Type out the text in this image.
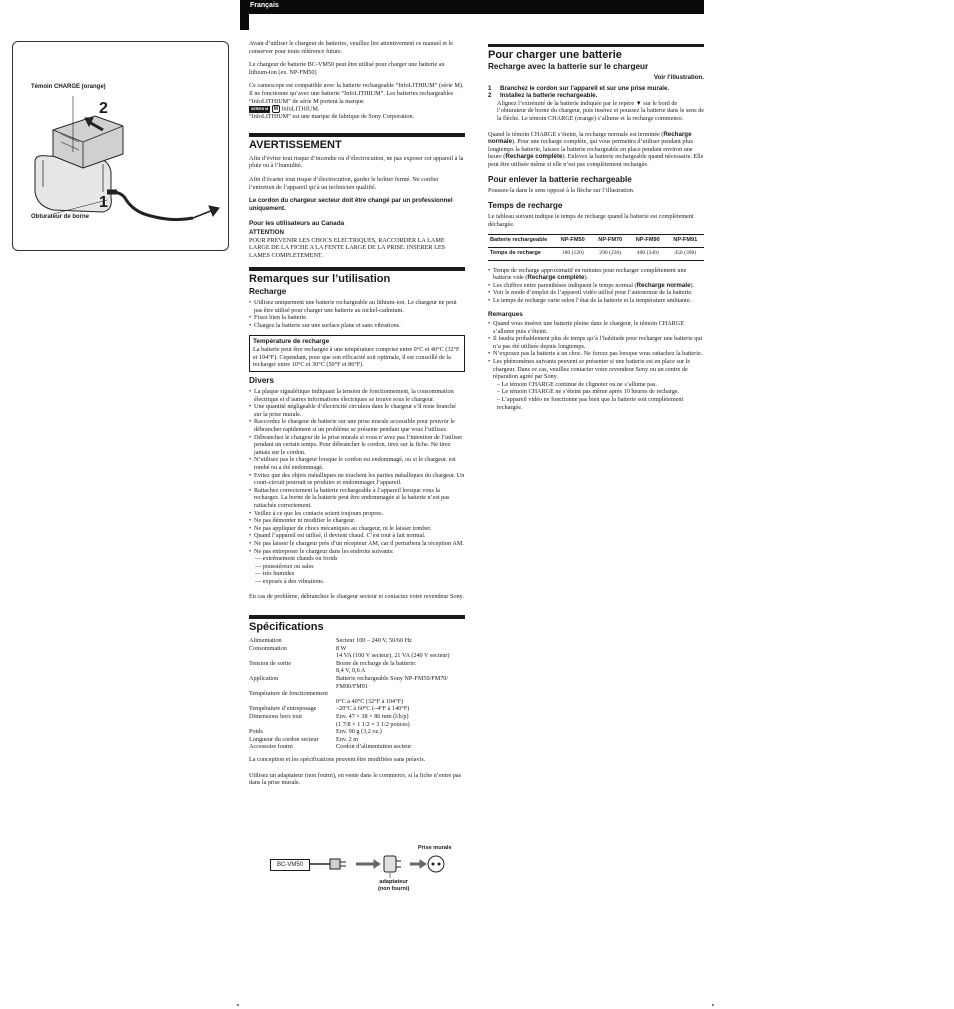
Français
Témoin CHARGE (orange)
Obturateur de borne
2
1

Avant d’utiliser le chargeur de batteries, veuillez lire attentivement ce manuel et le conserver pour toute référence future.

Le chargeur de batterie BC-VM50 peut être utilisé pour charger une batterie au lithium-ion (ex. NP-FM50)

Ce camescope est compatible avec la batterie rechargeable “InfoLITHIUM” (série M). Il ne fonctionne qu’avec une batterie “InfoLITHIUM”. Les batteries rechargeables “InfoLITHIUM” de série M portent la marque

SERIES M M InfoLITHIUM.
“InfoLITHIUM” est une marque de fabrique de Sony Corporation.

AVERTISSEMENT

Afin d’éviter tout risque d’incendie ou d’électrocution, ne pas exposer cet appareil à la pluie ou à l’humidité.

Afin d’écarter tout risque d’électrocution, garder le boîtier fermé. Ne confier l’entretien de l’appareil qu’à un technicien qualifié.

Le cordon du chargeur secteur doit être changé par un professionnel uniquement.

Pour les utilisateurs au Canada

ATTENTION

POUR PREVENIR LES CHOCS ELECTRIQUES, RACCORDER LA LAME LARGE DE LA FICHE A LA FENTE LARGE DE LA PRISE. INSERER LES LAMES COMPLETEMENT.

Remarques sur l’utilisation
Recharge
• Utilisez uniquement une batterie rechargeable au lithium-ion. Le chargeur ne peut pas être utilisé pour charger une batterie au nickel-cadmium.
• Fixez bien la batterie.
• Chargez la batterie sur une surface plane et sans vibrations.
Température de recharge

La batterie peut être rechargée à une température comprise entre 0°C et 40°C (32°F et 104°F). Cependant, pour que son efficacité soit optimale, il est conseillé de la recharger entre 10°C et 30°C (50°F et 86°F).

Divers
• La plaque signalétique indiquant la tension de fonctionnement, la consommation électrique et d’autres informations électriques se trouve sous le chargeur.
• Une quantité négligeable d’électricité circulera dans le chargeur s’il reste branché sur la prise murale.
• Raccordez le chargeur de batterie sur une prise murale accessible pour pouvoir le débrancher rapidement si un problème se présente pendant que vous l’utilisez.
• Débranchez le chargeur de la prise murale si vous n’avez pas l’intention de l’utiliser pendant un certain temps. Pour débrancher le cordon, tirez sur la fiche. Ne tirez jamais sur le cordon.
• N’utilisez pas le chargeur lorsque le cordon est endommagé, ou si le chargeur. est tombé ou a été endommagé.
• Evitez que des objets métalliques ne touchent les parties métalliques du chargeur. Un court-circuit pourrait se produire et endommager l’appareil.
• Rattachez correctement la batterie rechargeable à l’appareil lorsque vous la rechargez. La borne de la batterie peut être endommagée si la batterie n’est pas rattachée correctement.
• Veillez à ce que les contacts soient toujours propres.
• Ne pas démonter ni modifier le chargeur.
• Ne pas appliquer de chocs mécaniques au chargeur, ni le laisser tomber.
• Quand l’appareil est utilisé, il devient chaud. C’est tout à fait normal.
• Ne pas laisser le chargeur près d’un récepteur AM, car il perturbera la réception AM.
• Ne pas entreposer le chargeur dans les endroits suivants:
— extrêmement chauds ou froids
— poussiéreux ou sales
— très humides
— exposés à des vibrations.

En cas de problème, débranchez le chargeur secteur et contactez votre revendeur Sony.

Spécifications
Alimentation	Secteur 100 – 240 V, 50/60 Hz
Consommation	8 W
14 VA (100 V secteur), 21 VA (240 V secteur)
Tension de sortie	Borne de recharge de la batterie:
8,4 V, 0,6 A
Application	Batterie rechargeable Sony NP-FM50/FM70/ FM90/FM91
Température de fonctionnement
0°C à 40°C (32°F à 104°F)
Température d’entreposage	–20°C à 60°C (–4°F à 140°F)
Dimensions hors tout	Env. 47 × 38 × 86 mm (l/h/p)
(1 7/8 × 1 1/2 × 3 1/2 pouces)
Poids	Env. 90 g (3,2 oz.)
Longueur du cordon secteur	Env. 2 m
Accessoire fourni	Cordon d’alimentation secteur

La conception et les spécifications peuvent être modifiées sans préavis.

Utilisez un adaptateur (non fourni), en vente dans le commerce, si la fiche n’entre pas dans la prise murale.

BC-VM50
Prise murale
adaptateur
(non fourni)
Pour charger une batterie
Recharge avec la batterie sur le chargeur
Voir l’illustration.
1 Branchez le cordon sur l’appareil et sur une prise murale.
2 Installez la batterie rechargeable.
Alignez l’extrémité de la batterie indiquée par le repère ▼ sur le bord de l’obturateur de borne du chargeur, puis insérez et poussez la batterie dans le sens de la flèche. Le témoin CHARGE (orange) s’allume et la recharge commence.

Quand le témoin CHARGE s’éteint, la recharge normale est terminée (Recharge normale). Pour une recharge complète, qui vous permettra d’utiliser pendant plus longtemps la batterie, laissez la batterie rechargeable en place pendant environ une heure (Recharge complète). Enlevez la batterie rechargeable quand nécessaire. Elle peut être utilisée même si elle n’est pas complètement rechargée.

Pour enlever la batterie rechargeable

Poussez-la dans le sens opposé à la flèche sur l’illustration.

Temps de recharge

Le tableau suivant indique le temps de recharge quand la batterie est complètement déchargée.

Batterie rechargeable	NP-FM50	NP-FM70	NP-FM90	NP-FM91
Temps de recharge	180 (120)	290 (230)	400 (340)	450 (390)
• Temps de recharge approximatif en minutes pour recharger complètement une batterie vide (Recharge complète).
• Les chiffres entre parenthèses indiquent le temps normal (Recharge normale).
• Voir le mode d’emploi de l’appareil vidéo utilisé pour l’autonomie de la batterie.
• Le temps de recharge varie selon l’état de la batterie et la température ambiante.
Remarques
• Quand vous insérez une batterie pleine dans le chargeur, le témoin CHARGE s’allume puis s’éteint.
• Il faudra probablement plus de temps qu’à l’habitude pour recharger une batterie qui n’a pas été utilisée depuis longtemps.
• N’exposez pas la batterie à un choc. Ne forcez pas lorsque vous rattachez la batterie.
• Les phénomènes suivants peuvent se présenter si une batterie est en place sur le chargeur. Dans ce cas, veuillez contacter votre revendeur Sony ou un centre de réparation agréé par Sony.
– Le témoin CHARGE continue de clignoter ou ne s’allume pas.
– Le témoin CHARGE ne s’éteint pas même après 10 heures de recharge.
– L’appareil vidéo ne fonctionne pas bien que la batterie soit complètement rechargée.
